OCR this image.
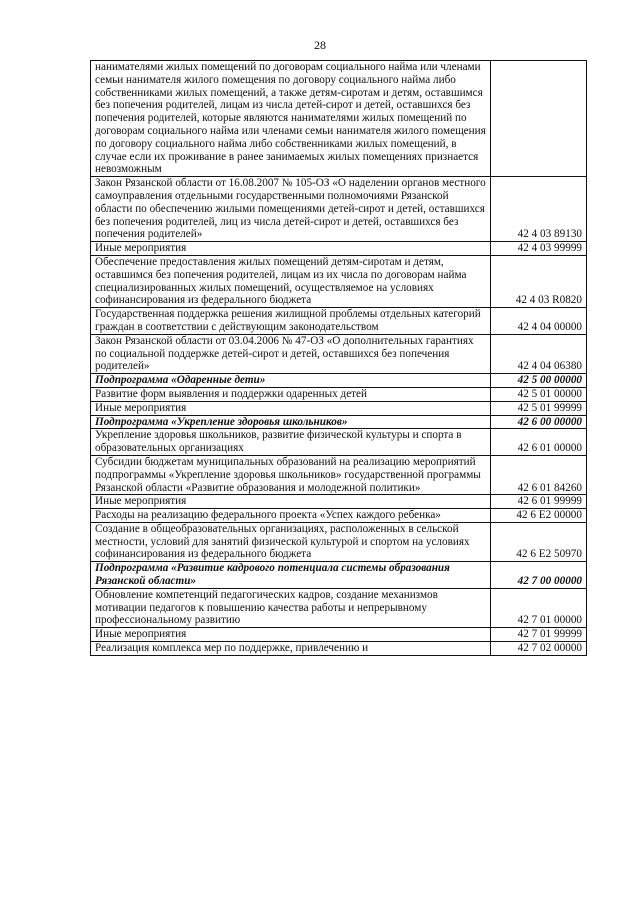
28
нанимателями жилых помещений по договорам социального найма или членами семьи нанимателя жилого помещения по договору социального найма либо собственниками жилых помещений, а также детям-сиротам и детям, оставшимся без попечения родителей, лицам из числа детей-сирот и детей, оставшихся без попечения родителей, которые являются нанимателями жилых помещений по договорам социального найма или членами семьи нанимателя жилого помещения по договору социального найма либо собственниками жилых помещений, в случае если их проживание в ранее занимаемых жилых помещениях признается невозможным	
Закон Рязанской области от 16.08.2007 № 105-ОЗ «О наделении органов местного самоуправления отдельными государственными полномочиями Рязанской области по обеспечению жилыми помещениями детей-сирот и детей, оставшихся без попечения родителей, лиц из числа детей-сирот и детей, оставшихся без попечения родителей»	42 4 03 89130
Иные мероприятия	42 4 03 99999
Обеспечение предоставления жилых помещений детям-сиротам и детям, оставшимся без попечения родителей, лицам из их числа по договорам найма специализированных жилых помещений, осуществляемое на условиях софинансирования из федерального бюджета	42 4 03 R0820
Государственная поддержка решения жилищной проблемы отдельных категорий граждан в соответствии с действующим законодательством	42 4 04 00000
Закон Рязанской области от 03.04.2006 № 47-ОЗ «О дополнительных гарантиях по социальной поддержке детей-сирот и детей, оставшихся без попечения родителей»	42 4 04 06380
Подпрограмма «Одаренные дети»	42 5 00 00000
Развитие форм выявления и поддержки одаренных детей	42 5 01 00000
Иные мероприятия	42 5 01 99999
Подпрограмма «Укрепление здоровья школьников»	42 6 00 00000
Укрепление здоровья школьников, развитие физической культуры и спорта в образовательных организациях	42 6 01 00000
Субсидии бюджетам муниципальных образований на реализацию мероприятий подпрограммы «Укрепление здоровья школьников» государственной программы Рязанской области «Развитие образования и молодежной политики»	42 6 01 84260
Иные мероприятия	42 6 01 99999
Расходы на реализацию федерального проекта «Успех каждого ребенка»	42 6 E2 00000
Создание в общеобразовательных организациях, расположенных в сельской местности, условий для занятий физической культурой и спортом на условиях софинансирования из федерального бюджета	42 6 E2 50970
Подпрограмма «Развитие кадрового потенциала системы образования Рязанской области»	42 7 00 00000
Обновление компетенций педагогических кадров, создание механизмов мотивации педагогов к повышению качества работы и непрерывному профессиональному развитию	42 7 01 00000
Иные мероприятия	42 7 01 99999
Реализация комплекса мер по поддержке, привлечению и	42 7 02 00000
